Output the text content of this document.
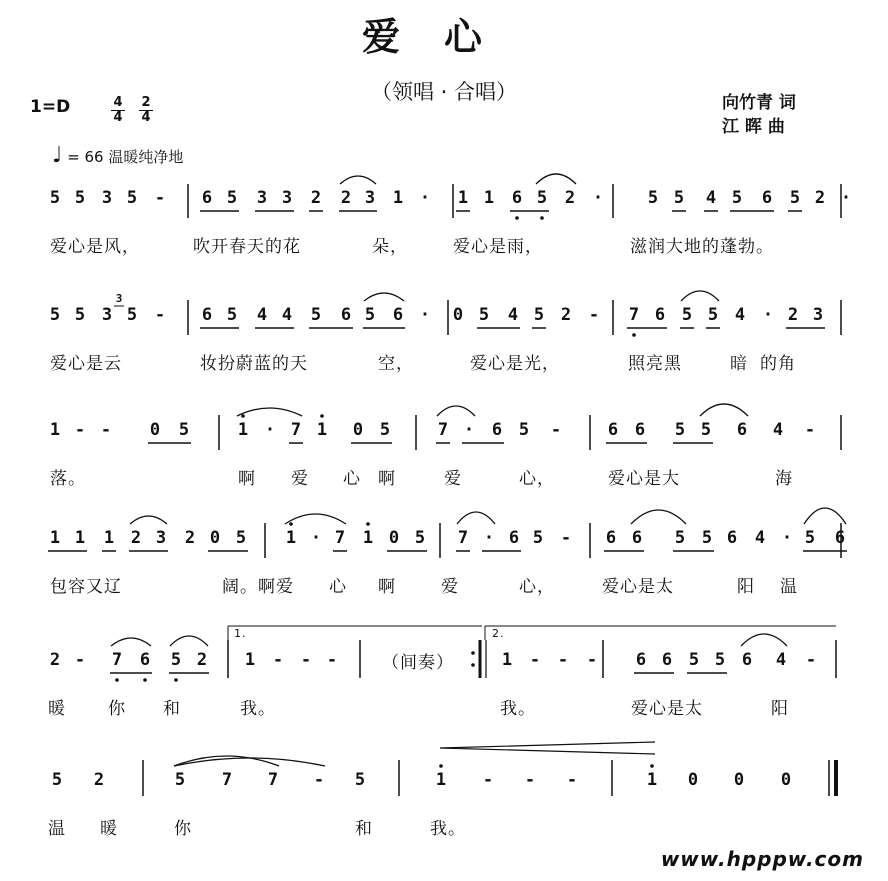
爱心
（领唱 · 合唱）	向竹青 词
江 晖 曲
1=D	$\frac{4}{4} \frac{2}{4}$
♩ = 66 温暖纯净地
5 5 3 5 - 6 5 3 3 2 2 3 1 · 1 1 6 5 2 ·	5 5 4 5 6 5 2 ·
爱心是风，	吹开春天的花	朵，	爱心是雨，	滋润大地的蓬勃。
5 5 3 5 - 6 5 4 4 5 6 5 6 · 0 5 4 5 2 - 7 6 5 5 4 · 2 3
爱心是云	妆扮蔚蓝的天	空，	爱心是光，	照亮黑	暗 的角
1 - - 0 5	1 · 7 1 0 5	7 · 6 5 -	6 6 5 5 6 4 -
落。	啊 爱 心 啊	爱	心，	爱心是大	海
1 1 1 2 3 2 0 5 1 · 7 1 0 5 7 · 6 5 - 6 6 5 5 6 4 · 5 6
包容又辽	阔。啊爱 心 啊	爱	心，	爱心是太	阳 温
2 - 7 6 5 2 1 - - -	1 - - - 6 6 5 5 6 4 -
暖 你 和	我。	我。	爱心是太	阳
5 2	5 7 7 - 5	1 - - -	1 0 0 0
温 暖	你	和	我。
3
1.	2.
（间奏）
www.hpppw.com
